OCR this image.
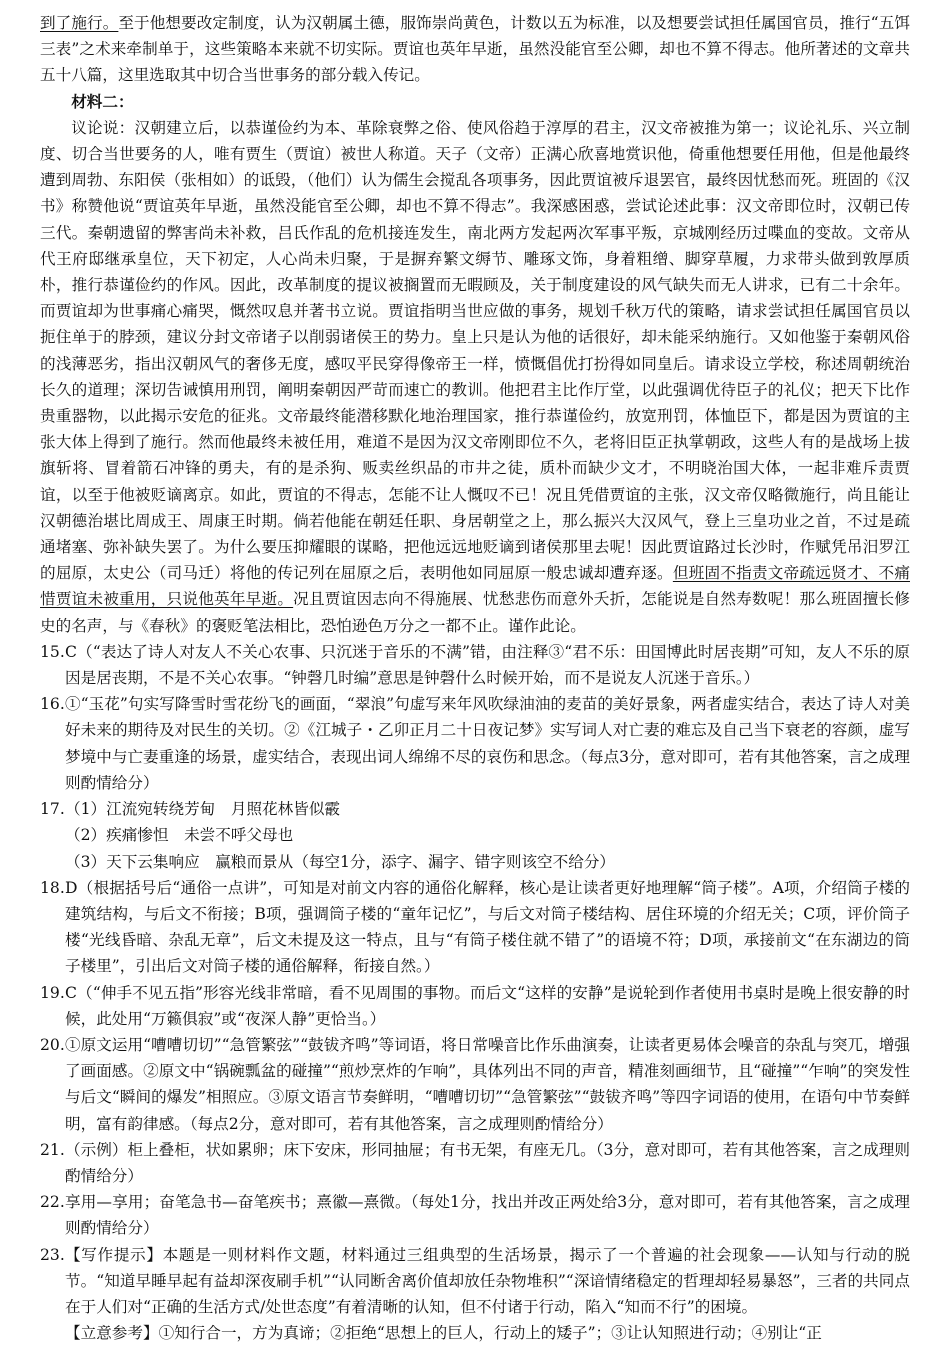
到了施行。至于他想要改定制度，认为汉朝属土德，服饰崇尚黄色，计数以五为标准，以及想要尝试担任属国官员，推行“五饵三表”之术来牵制单于，这些策略本来就不切实际。贾谊也英年早逝，虽然没能官至公卿，却也不算不得志。他所著述的文章共五十八篇，这里选取其中切合当世事务的部分载入传记。

材料二：

议论说：汉朝建立后，以恭谨俭约为本、革除衰弊之俗、使风俗趋于淳厚的君主，汉文帝被推为第一；议论礼乐、兴立制度、切合当世要务的人，唯有贾生（贾谊）被世人称道。天子（文帝）正满心欣喜地赏识他，倚重他想要任用他，但是他最终遭到周勃、东阳侯（张相如）的诋毁，（他们）认为儒生会搅乱各项事务，因此贾谊被斥退罢官，最终因忧愁而死。班固的《汉书》称赞他说“贾谊英年早逝，虽然没能官至公卿，却也不算不得志”。我深感困惑，尝试论述此事：汉文帝即位时，汉朝已传三代。秦朝遗留的弊害尚未补救，吕氏作乱的危机接连发生，南北两方发起两次军事平叛，京城刚经历过喋血的变故。文帝从代王府邸继承皇位，天下初定，人心尚未归聚，于是摒弃繁文缛节、雕琢文饰，身着粗缯、脚穿草履，力求带头做到敦厚质朴，推行恭谨俭约的作风。因此，改革制度的提议被搁置而无暇顾及，关于制度建设的风气缺失而无人讲求，已有二十余年。而贾谊却为世事痛心痛哭，慨然叹息并著书立说。贾谊指明当世应做的事务，规划千秋万代的策略，请求尝试担任属国官员以扼住单于的脖颈，建议分封文帝诸子以削弱诸侯王的势力。皇上只是认为他的话很好，却未能采纳施行。又如他鉴于秦朝风俗的浅薄恶劣，指出汉朝风气的奢侈无度，感叹平民穿得像帝王一样，愤慨倡优打扮得如同皇后。请求设立学校，称述周朝统治长久的道理；深切告诫慎用刑罚，阐明秦朝因严苛而速亡的教训。他把君主比作厅堂，以此强调优待臣子的礼仪；把天下比作贵重器物，以此揭示安危的征兆。文帝最终能潜移默化地治理国家，推行恭谨俭约，放宽刑罚，体恤臣下，都是因为贾谊的主张大体上得到了施行。然而他最终未被任用，难道不是因为汉文帝刚即位不久，老将旧臣正执掌朝政，这些人有的是战场上拔旗斩将、冒着箭石冲锋的勇夫，有的是杀狗、贩卖丝织品的市井之徒，质朴而缺少文才，不明晓治国大体，一起非难斥责贾谊，以至于他被贬谪离京。如此，贾谊的不得志，怎能不让人慨叹不已！况且凭借贾谊的主张，汉文帝仅略微施行，尚且能让汉朝德治堪比周成王、周康王时期。倘若他能在朝廷任职、身居朝堂之上，那么振兴大汉风气，登上三皇功业之首，不过是疏通堵塞、弥补缺失罢了。为什么要压抑耀眼的谋略，把他远远地贬谪到诸侯那里去呢！因此贾谊路过长沙时，作赋凭吊汨罗江的屈原，太史公（司马迁）将他的传记列在屈原之后，表明他如同屈原一般忠诚却遭弃逐。但班固不指责文帝疏远贤才、不痛惜贾谊未被重用，只说他英年早逝。况且贾谊因志向不得施展、忧愁悲伤而意外夭折，怎能说是自然寿数呢！那么班固擅长修史的名声，与《春秋》的褒贬笔法相比，恐怕逊色万分之一都不止。谨作此论。

15. C（“表达了诗人对友人不关心农事、只沉迷于音乐的不满”错，由注释③“君不乐：田国博此时居丧期”可知，友人不乐的原因是居丧期，不是不关心农事。“钟磬几时编”意思是钟磬什么时候开始，而不是说友人沉迷于音乐。）
16. ①“玉花”句实写降雪时雪花纷飞的画面，“翠浪”句虚写来年风吹绿油油的麦苗的美好景象，两者虚实结合，表达了诗人对美好未来的期待及对民生的关切。②《江城子・乙卯正月二十日夜记梦》实写词人对亡妻的难忘及自己当下衰老的容颜，虚写梦境中与亡妻重逢的场景，虚实结合，表现出词人绵绵不尽的哀伤和思念。（每点3分，意对即可，若有其他答案，言之成理则酌情给分）
17. （1）江流宛转绕芳甸　月照花林皆似霰
（2）疾痛惨怛　未尝不呼父母也
（3）天下云集响应　赢粮而景从（每空1分，添字、漏字、错字则该空不给分）
18. D（根据括号后“通俗一点讲”，可知是对前文内容的通俗化解释，核心是让读者更好地理解“筒子楼”。A项，介绍筒子楼的建筑结构，与后文不衔接；B项，强调筒子楼的“童年记忆”，与后文对筒子楼结构、居住环境的介绍无关；C项，评价筒子楼“光线昏暗、杂乱无章”，后文未提及这一特点，且与“有筒子楼住就不错了”的语境不符；D项，承接前文“在东湖边的筒子楼里”，引出后文对筒子楼的通俗解释，衔接自然。）
19. C（“伸手不见五指”形容光线非常暗，看不见周围的事物。而后文“这样的安静”是说轮到作者使用书桌时是晚上很安静的时候，此处用“万籁俱寂”或“夜深人静”更恰当。）
20. ①原文运用“嘈嘈切切”“急管繁弦”“鼓钹齐鸣”等词语，将日常噪音比作乐曲演奏，让读者更易体会噪音的杂乱与突兀，增强了画面感。②原文中“锅碗瓢盆的碰撞”“煎炒烹炸的乍响”，具体列出不同的声音，精准刻画细节，且“碰撞”“乍响”的突发性与后文“瞬间的爆发”相照应。③原文语言节奏鲜明，“嘈嘈切切”“急管繁弦”“鼓钹齐鸣”等四字词语的使用，在语句中节奏鲜明，富有韵律感。（每点2分，意对即可，若有其他答案，言之成理则酌情给分）
21. （示例）柜上叠柜，状如累卵；床下安床，形同抽屉；有书无架，有座无几。（3分，意对即可，若有其他答案，言之成理则酌情给分）
22. 享用—享用；奋笔急书—奋笔疾书；熹徽—熹微。（每处1分，找出并改正两处给3分，意对即可，若有其他答案，言之成理则酌情给分）
23. 【写作提示】本题是一则材料作文题，材料通过三组典型的生活场景，揭示了一个普遍的社会现象——认知与行动的脱节。“知道早睡早起有益却深夜刷手机”“认同断舍离价值却放任杂物堆积”“深谙情绪稳定的哲理却轻易暴怒”，三者的共同点在于人们对“正确的生活方式/处世态度”有着清晰的认知，但不付诸于行动，陷入“知而不行”的困境。
【立意参考】①知行合一，方为真谛；②拒绝“思想上的巨人，行动上的矮子”；③让认知照进行动；④别让“正
